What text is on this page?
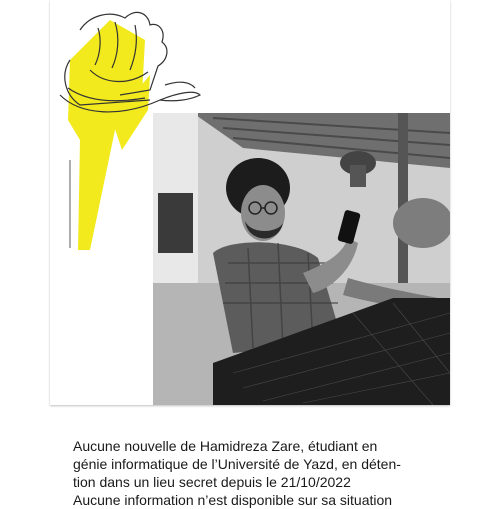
Aucune nouvelle de Hamidreza Zare, étudiant en
génie informatique de l’Université de Yazd, en déten-
tion dans un lieu secret depuis le 21/10/2022
Aucune information n’est disponible sur sa situation
